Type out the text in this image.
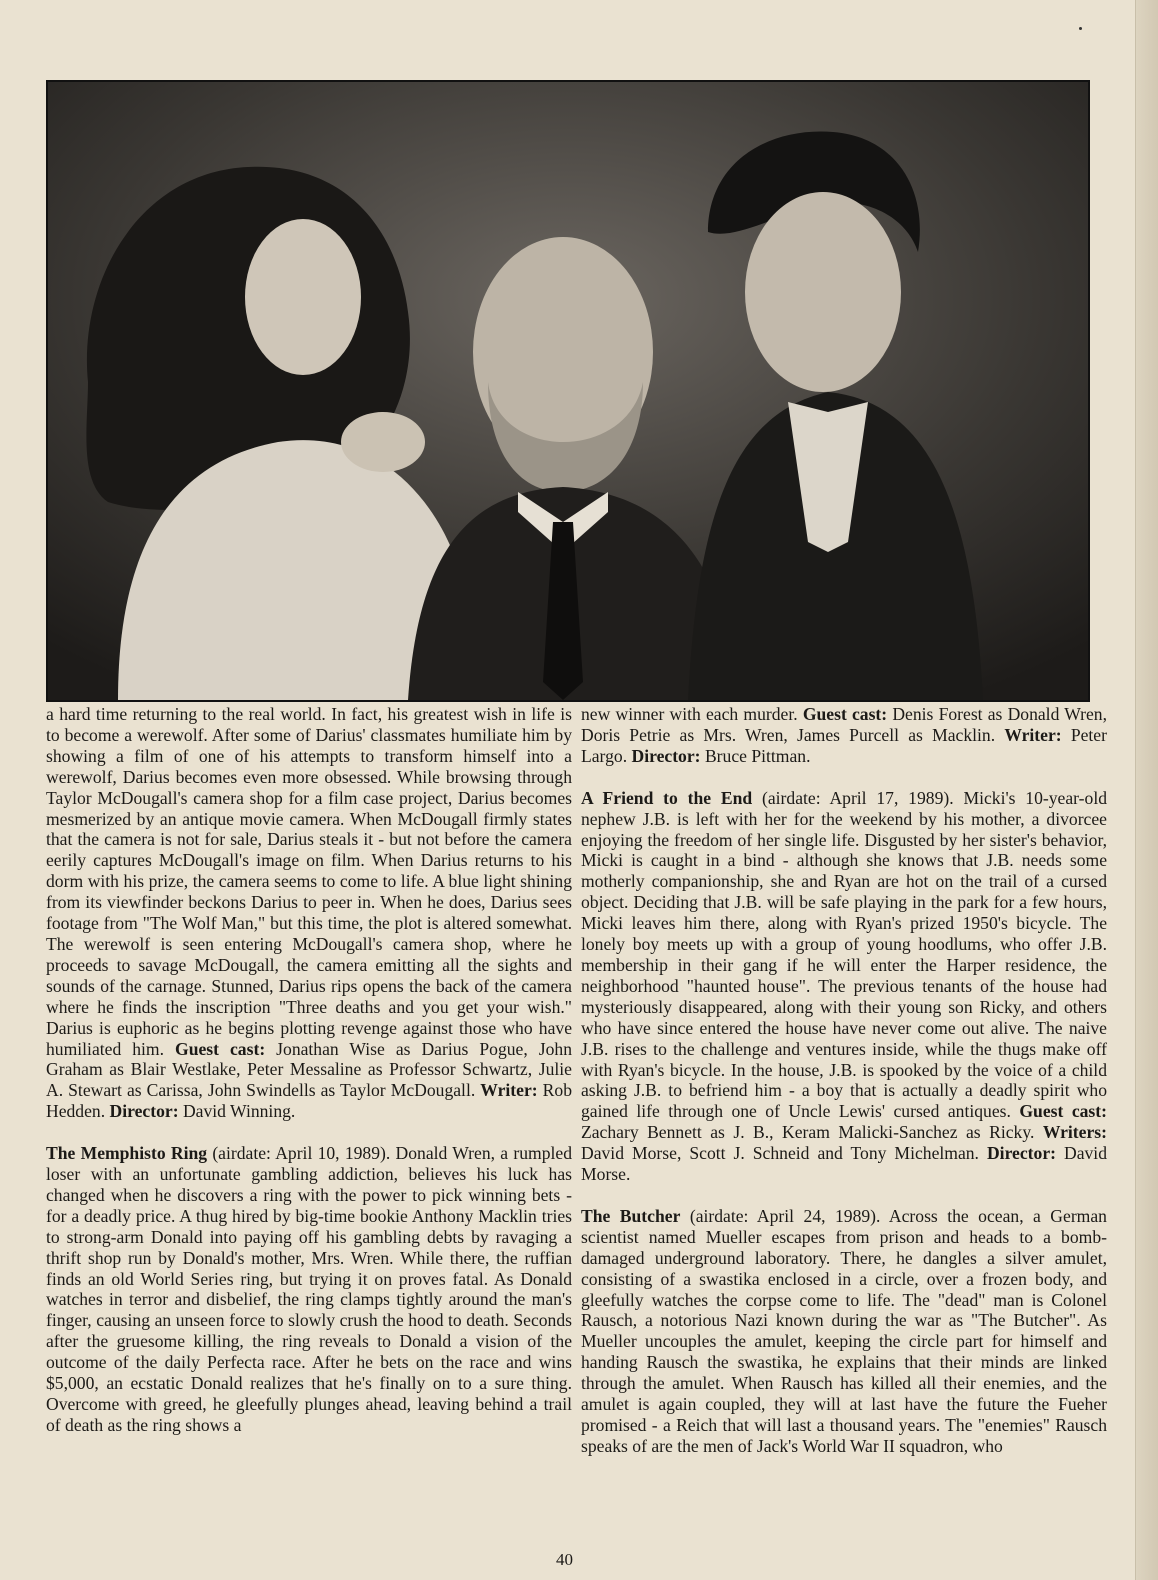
a hard time returning to the real world. In fact, his greatest wish in life is to become a werewolf. After some of Darius' classmates humiliate him by showing a film of one of his attempts to transform himself into a werewolf, Darius becomes even more obsessed. While browsing through Taylor McDougall's camera shop for a film case project, Darius becomes mesmerized by an antique movie camera. When McDougall firmly states that the camera is not for sale, Darius steals it - but not before the camera eerily captures McDougall's image on film. When Darius returns to his dorm with his prize, the camera seems to come to life. A blue light shining from its viewfinder beckons Darius to peer in. When he does, Darius sees footage from "The Wolf Man," but this time, the plot is altered somewhat. The werewolf is seen entering McDougall's camera shop, where he proceeds to savage McDougall, the camera emitting all the sights and sounds of the carnage. Stunned, Darius rips opens the back of the camera where he finds the inscription "Three deaths and you get your wish." Darius is euphoric as he begins plotting revenge against those who have humiliated him. Guest cast: Jonathan Wise as Darius Pogue, John Graham as Blair Westlake, Peter Messaline as Professor Schwartz, Julie A. Stewart as Carissa, John Swindells as Taylor McDougall. Writer: Rob Hedden. Director: David Winning.

The Memphisto Ring (airdate: April 10, 1989). Donald Wren, a rumpled loser with an unfortunate gambling addiction, believes his luck has changed when he discovers a ring with the power to pick winning bets - for a deadly price. A thug hired by big-time bookie Anthony Macklin tries to strong-arm Donald into paying off his gambling debts by ravaging a thrift shop run by Donald's mother, Mrs. Wren. While there, the ruffian finds an old World Series ring, but trying it on proves fatal. As Donald watches in terror and disbelief, the ring clamps tightly around the man's finger, causing an unseen force to slowly crush the hood to death. Seconds after the gruesome killing, the ring reveals to Donald a vision of the outcome of the daily Perfecta race. After he bets on the race and wins $5,000, an ecstatic Donald realizes that he's finally on to a sure thing. Overcome with greed, he gleefully plunges ahead, leaving behind a trail of death as the ring shows a

new winner with each murder. Guest cast: Denis Forest as Donald Wren, Doris Petrie as Mrs. Wren, James Purcell as Macklin. Writer: Peter Largo. Director: Bruce Pittman.

A Friend to the End (airdate: April 17, 1989). Micki's 10-year-old nephew J.B. is left with her for the weekend by his mother, a divorcee enjoying the freedom of her single life. Disgusted by her sister's behavior, Micki is caught in a bind - although she knows that J.B. needs some motherly companionship, she and Ryan are hot on the trail of a cursed object. Deciding that J.B. will be safe playing in the park for a few hours, Micki leaves him there, along with Ryan's prized 1950's bicycle. The lonely boy meets up with a group of young hoodlums, who offer J.B. membership in their gang if he will enter the Harper residence, the neighborhood "haunted house". The previous tenants of the house had mysteriously disappeared, along with their young son Ricky, and others who have since entered the house have never come out alive. The naive J.B. rises to the challenge and ventures inside, while the thugs make off with Ryan's bicycle. In the house, J.B. is spooked by the voice of a child asking J.B. to befriend him - a boy that is actually a deadly spirit who gained life through one of Uncle Lewis' cursed antiques. Guest cast: Zachary Bennett as J. B., Keram Malicki-Sanchez as Ricky. Writers: David Morse, Scott J. Schneid and Tony Michelman. Director: David Morse.

The Butcher (airdate: April 24, 1989). Across the ocean, a German scientist named Mueller escapes from prison and heads to a bomb-damaged underground laboratory. There, he dangles a silver amulet, consisting of a swastika enclosed in a circle, over a frozen body, and gleefully watches the corpse come to life. The "dead" man is Colonel Rausch, a notorious Nazi known during the war as "The Butcher". As Mueller uncouples the amulet, keeping the circle part for himself and handing Rausch the swastika, he explains that their minds are linked through the amulet. When Rausch has killed all their enemies, and the amulet is again coupled, they will at last have the future the Fueher promised - a Reich that will last a thousand years. The "enemies" Rausch speaks of are the men of Jack's World War II squadron, who

40
